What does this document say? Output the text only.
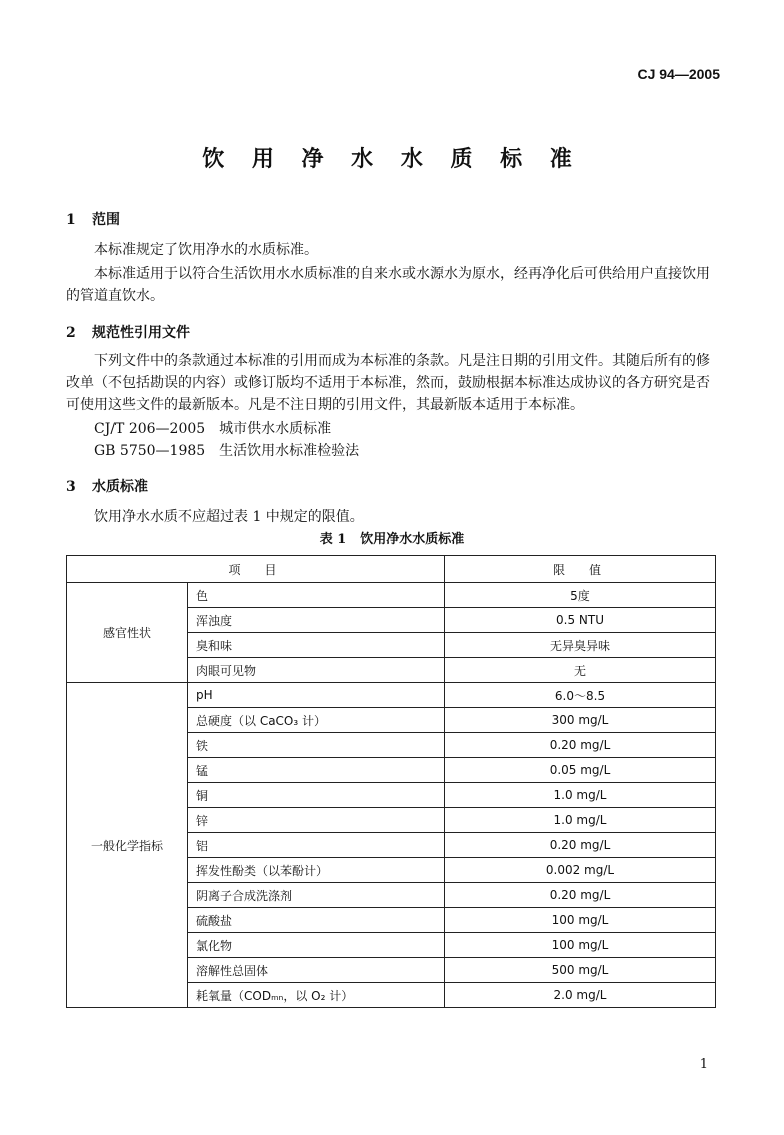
CJ 94—2005
饮 用 净 水 水 质 标 准
1 范围
本标准规定了饮用净水的水质标准。
本标准适用于以符合生活饮用水水质标准的自来水或水源水为原水，经再净化后可供给用户直接饮用的管道直饮水。
2 规范性引用文件
下列文件中的条款通过本标准的引用而成为本标准的条款。凡是注日期的引用文件。其随后所有的修改单（不包括勘误的内容）或修订版均不适用于本标准，然而，鼓励根据本标准达成协议的各方研究是否可使用这些文件的最新版本。凡是不注日期的引用文件，其最新版本适用于本标准。
CJ/T 206—2005　城市供水水质标准
GB 5750—1985　生活饮用水标准检验法
3 水质标准
饮用净水水质不应超过表 1 中规定的限值。
表 1 饮用净水水质标准
项　目		限　值
感官性状	色	5度
	浑浊度	0.5 NTU
	臭和味	无异臭异味
	肉眼可见物	无
一般化学指标	pH	6.0～8.5
	总硬度（以 CaCO₃ 计）	300 mg/L
	铁	0.20 mg/L
	锰	0.05 mg/L
	铜	1.0 mg/L
	锌	1.0 mg/L
	铝	0.20 mg/L
	挥发性酚类（以苯酚计）	0.002 mg/L
	阴离子合成洗涤剂	0.20 mg/L
	硫酸盐	100 mg/L
	氯化物	100 mg/L
	溶解性总固体	500 mg/L
	耗氧量（CODₘₙ，以 O₂ 计）	2.0 mg/L
1
